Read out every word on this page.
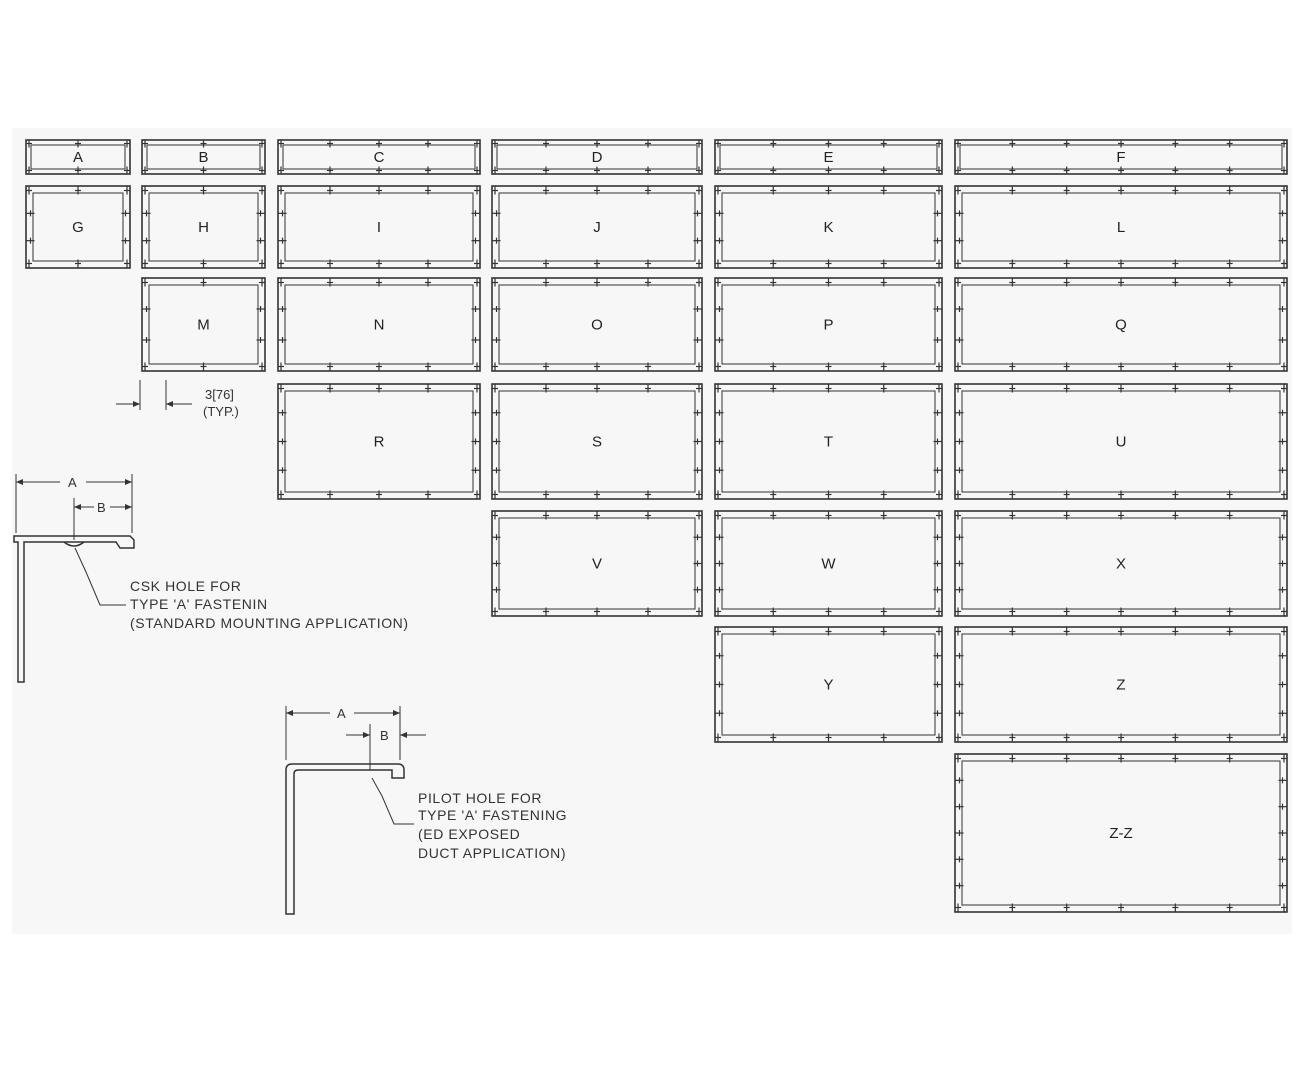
A	B	C	D	E	F
G	H	I	J	K	L
M	N	O	P	Q
R	S	T	U
V	W	X
Y	Z
Z-Z
3[76]
(TYP.)
A
B
CSK HOLE FOR
TYPE 'A' FASTENIN
(STANDARD MOUNTING APPLICATION)
A
B
PILOT HOLE FOR
TYPE 'A' FASTENING
(ED EXPOSED
DUCT APPLICATION)
